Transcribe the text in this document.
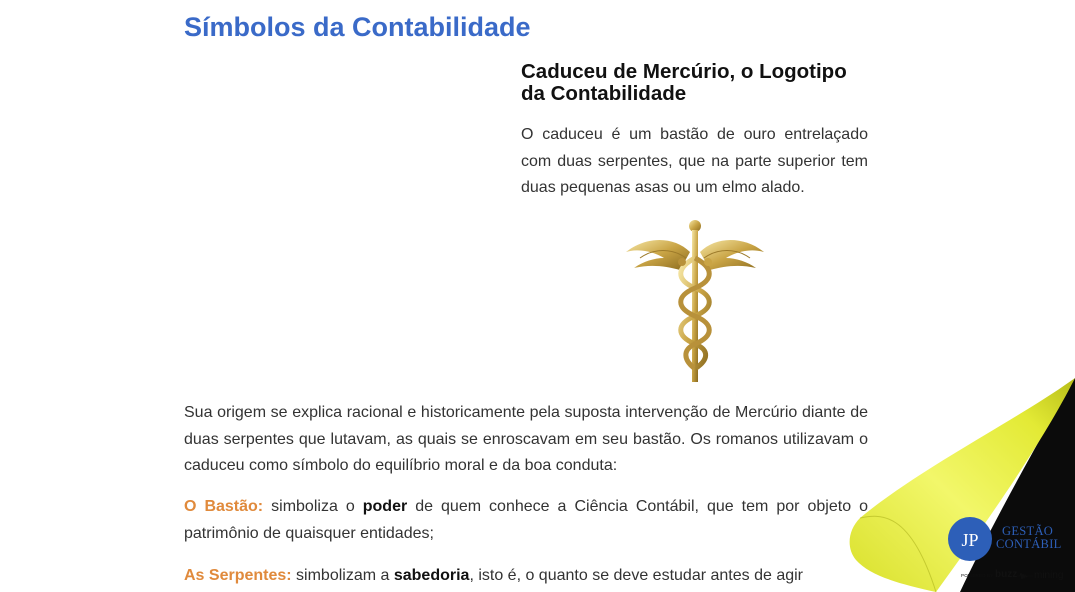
Símbolos da Contabilidade
Caduceu de Mercúrio, o Logotipo da Contabilidade

O caduceu é um bastão de ouro entrelaçado com duas serpentes, que na parte superior tem duas pequenas asas ou um elmo alado.

Sua origem se explica racional e historicamente pela suposta intervenção de Mercúrio diante de duas serpentes que lutavam, as quais se enroscavam em seu bastão. Os romanos utilizavam o caduceu como símbolo do equilíbrio moral e da boa conduta:

O Bastão: simboliza o poder de quem conhece a Ciência Contábil, que tem por objeto o patrimônio de quaisquer entidades;

As Serpentes: simbolizam a sabedoria, isto é, o quanto se deve estudar antes de agir

JP	GESTÃO
CONTÁBIL
POWERED BY buzz mining
